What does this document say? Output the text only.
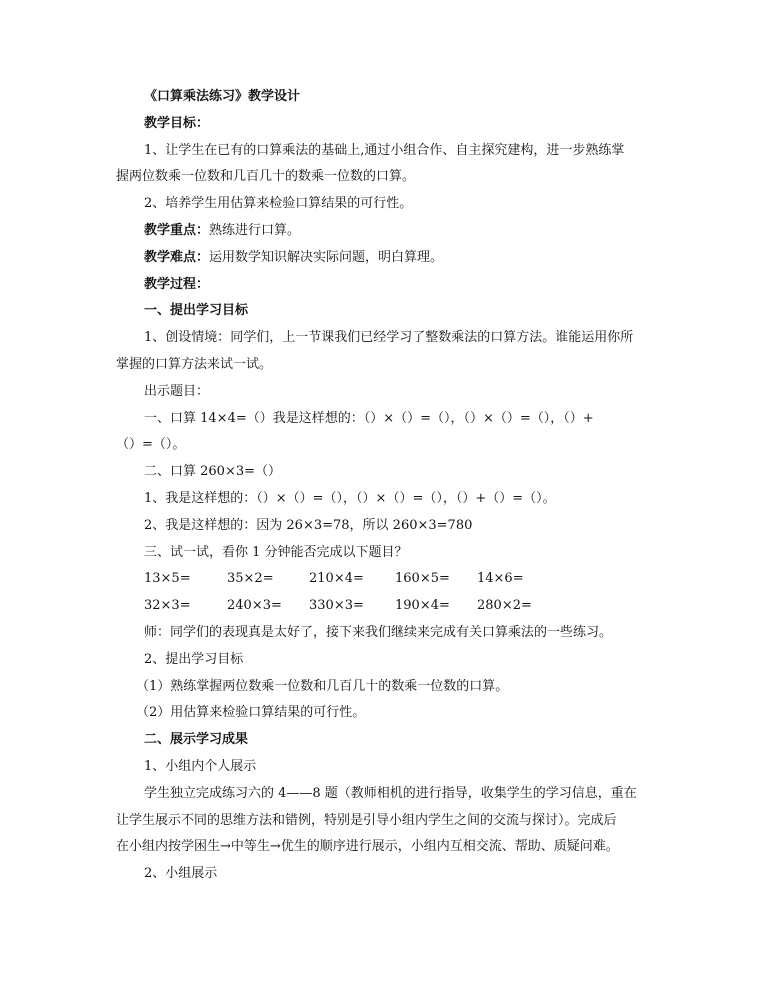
《口算乘法练习》教学设计
教学目标：
1、让学生在已有的口算乘法的基础上,通过小组合作、自主探究建构，进一步熟练掌
握两位数乘一位数和几百几十的数乘一位数的口算。
2、培养学生用估算来检验口算结果的可行性。
教学重点：熟练进行口算。
教学难点：运用数学知识解决实际问题，明白算理。
教学过程：
一、提出学习目标
1、创设情境：同学们，上一节课我们已经学习了整数乘法的口算方法。谁能运用你所
掌握的口算方法来试一试。
出示题目：
一、口算 14×4=（）我是这样想的：（）×（）=（），（）×（）=（），（）+
（）=（）。
二、口算 260×3=（）
1、我是这样想的：（）×（）=（），（）×（）=（），（）+（）=（）。
2、我是这样想的：因为 26×3=78，所以 260×3=780
三、试一试，看你 1 分钟能否完成以下题目？
13×5=	35×2=	210×4=	160×5=	14×6=
32×3=	240×3=	330×3=	190×4=	280×2=
师：同学们的表现真是太好了，接下来我们继续来完成有关口算乘法的一些练习。
2、提出学习目标
（1）熟练掌握两位数乘一位数和几百几十的数乘一位数的口算。
（2）用估算来检验口算结果的可行性。
二、展示学习成果
1、小组内个人展示
学生独立完成练习六的 4——8 题（教师相机的进行指导，收集学生的学习信息，重在
让学生展示不同的思维方法和错例，特别是引导小组内学生之间的交流与探讨）。完成后
在小组内按学困生→中等生→优生的顺序进行展示，小组内互相交流、帮助、质疑问难。
2、小组展示
